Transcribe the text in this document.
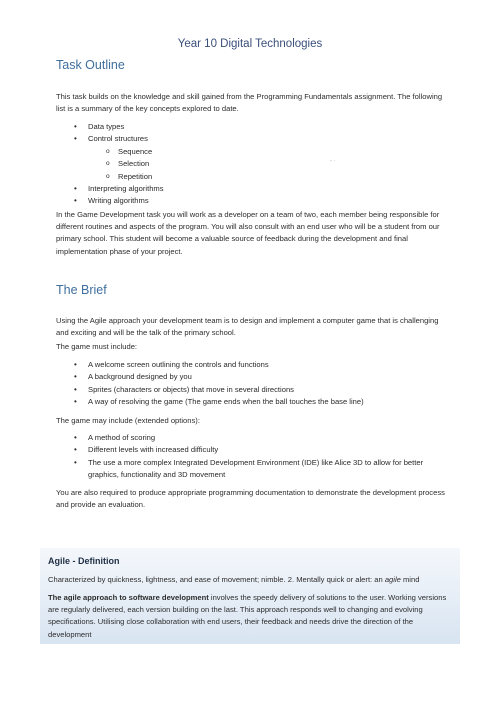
Year 10 Digital Technologies
Task Outline

This task builds on the knowledge and skill gained from the Programming Fundamentals assignment. The following list is a summary of the key concepts explored to date.

• Data types
• Control structures
o Sequence
o Selection
o Repetition
• Interpreting algorithms
• Writing algorithms
- ·

In the Game Development task you will work as a developer on a team of two, each member being responsible for different routines and aspects of the program. You will also consult with an end user who will be a student from our primary school. This student will become a valuable source of feedback during the development and final implementation phase of your project.

The Brief

Using the Agile approach your development team is to design and implement a computer game that is challenging and exciting and will be the talk of the primary school.

The game must include:

• A welcome screen outlining the controls and functions
• A background designed by you
• Sprites (characters or objects) that move in several directions
• A way of resolving the game (The game ends when the ball touches the base line)

The game may include (extended options):

• A method of scoring
• Different levels with increased difficulty
• The use a more complex Integrated Development Environment (IDE) like Alice 3D to allow for better graphics, functionality and 3D movement

You are also required to produce appropriate programming documentation to demonstrate the development process and provide an evaluation.

Agile - Definition

Characterized by quickness, lightness, and ease of movement; nimble. 2. Mentally quick or alert: an agile mind

The agile approach to software development involves the speedy delivery of solutions to the user. Working versions are regularly delivered, each version building on the last. This approach responds well to changing and evolving specifications. Utilising close collaboration with end users, their feedback and needs drive the direction of the development
